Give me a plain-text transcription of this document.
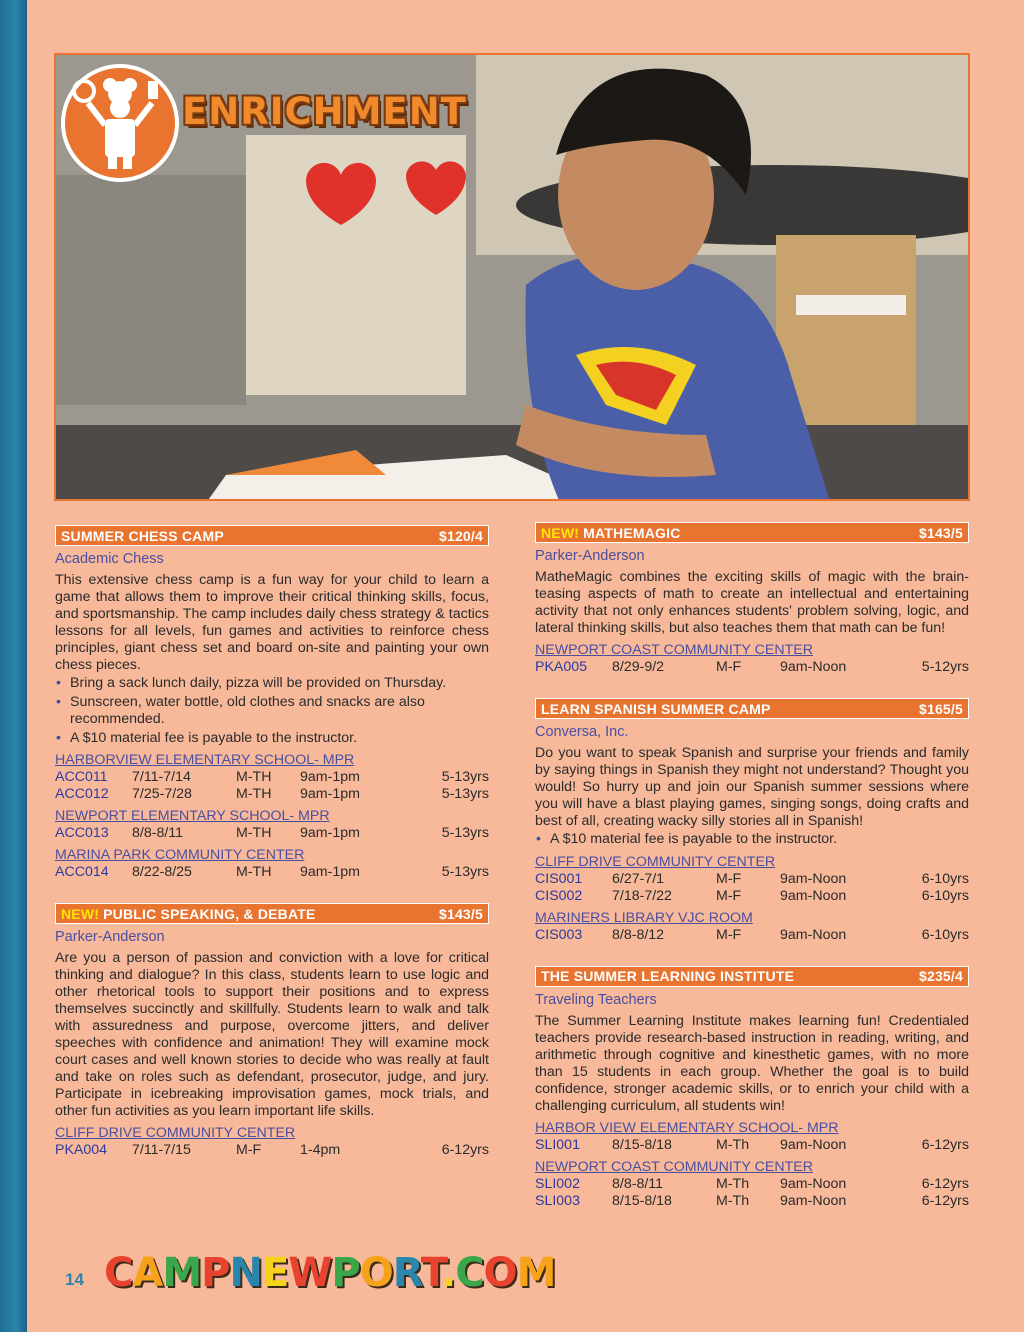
ENRICHMENT
SUMMER CHESS CAMP	$120/4
Academic Chess
This extensive chess camp is a fun way for your child to learn a game that allows them to improve their critical thinking skills, focus, and sportsmanship. The camp includes daily chess strategy & tactics lessons for all levels, fun games and activities to reinforce chess principles, giant chess set and board on-site and painting your own chess pieces.
• Bring a sack lunch daily, pizza will be provided on Thursday.
• Sunscreen, water bottle, old clothes and snacks are also recommended.
• A $10 material fee is payable to the instructor.
HARBORVIEW ELEMENTARY SCHOOL- MPR
ACC011	7/11-7/14	M-TH	9am-1pm	5-13yrs
ACC012	7/25-7/28	M-TH	9am-1pm	5-13yrs
NEWPORT ELEMENTARY SCHOOL- MPR
ACC013	8/8-8/11	M-TH	9am-1pm	5-13yrs
MARINA PARK COMMUNITY CENTER
ACC014	8/22-8/25	M-TH	9am-1pm	5-13yrs
NEW! PUBLIC SPEAKING, & DEBATE	$143/5
Parker-Anderson
Are you a person of passion and conviction with a love for critical thinking and dialogue? In this class, students learn to use logic and other rhetorical tools to support their positions and to express themselves succinctly and skillfully. Students learn to walk and talk with assuredness and purpose, overcome jitters, and deliver speeches with confidence and animation! They will examine mock court cases and well known stories to decide who was really at fault and take on roles such as defendant, prosecutor, judge, and jury. Participate in icebreaking improvisation games, mock trials, and other fun activities as you learn important life skills.
CLIFF DRIVE COMMUNITY CENTER
PKA004	7/11-7/15	M-F	1-4pm	6-12yrs
NEW! MATHEMAGIC	$143/5
Parker-Anderson
MatheMagic combines the exciting skills of magic with the brain-teasing aspects of math to create an intellectual and entertaining activity that not only enhances students' problem solving, logic, and lateral thinking skills, but also teaches them that math can be fun!
NEWPORT COAST COMMUNITY CENTER
PKA005	8/29-9/2	M-F	9am-Noon	5-12yrs
LEARN SPANISH SUMMER CAMP	$165/5
Conversa, Inc.
Do you want to speak Spanish and surprise your friends and family by saying things in Spanish they might not understand? Thought you would! So hurry up and join our Spanish summer sessions where you will have a blast playing games, singing songs, doing crafts and best of all, creating wacky silly stories all in Spanish!
• A $10 material fee is payable to the instructor.
CLIFF DRIVE COMMUNITY CENTER
CIS001	6/27-7/1	M-F	9am-Noon	6-10yrs
CIS002	7/18-7/22	M-F	9am-Noon	6-10yrs
MARINERS LIBRARY VJC ROOM
CIS003	8/8-8/12	M-F	9am-Noon	6-10yrs
THE SUMMER LEARNING INSTITUTE	$235/4
Traveling Teachers
The Summer Learning Institute makes learning fun! Credentialed teachers provide research-based instruction in reading, writing, and arithmetic through cognitive and kinesthetic games, with no more than 15 students in each group. Whether the goal is to build confidence, stronger academic skills, or to enrich your child with a challenging curriculum, all students win!
HARBOR VIEW ELEMENTARY SCHOOL- MPR
SLI001	8/15-8/18	M-Th	9am-Noon	6-12yrs
NEWPORT COAST COMMUNITY CENTER
SLI002	8/8-8/11	M-Th	9am-Noon	6-12yrs
SLI003	8/15-8/18	M-Th	9am-Noon	6-12yrs
14 CAMPNEWPORT.COM
